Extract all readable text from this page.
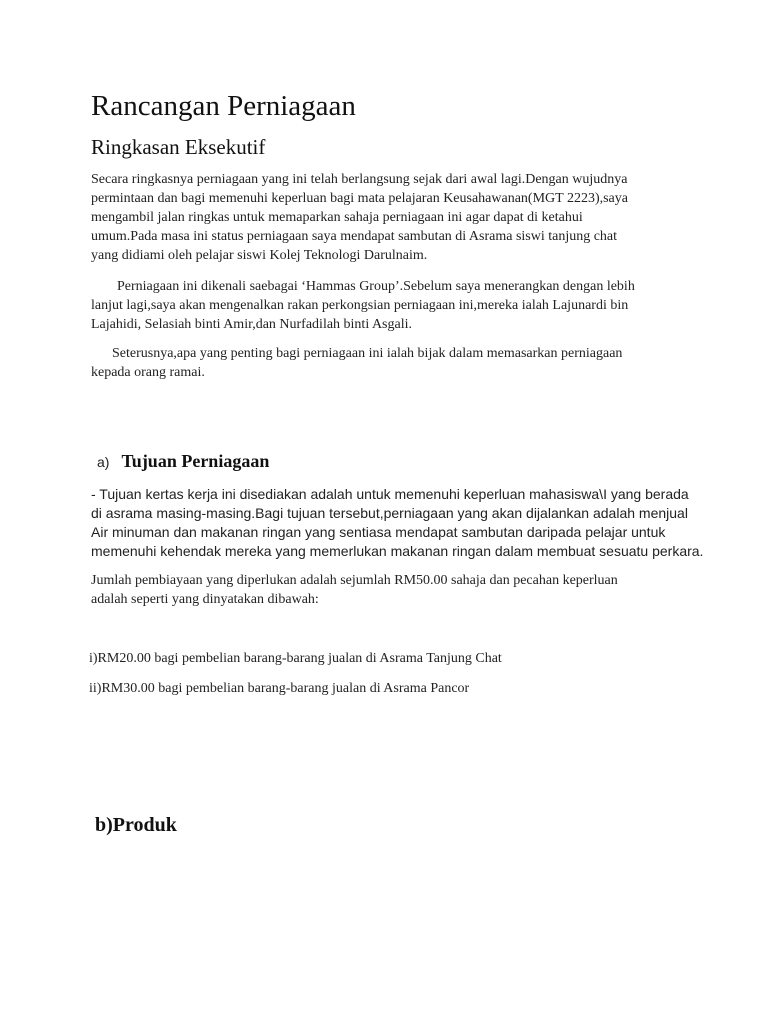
Rancangan Perniagaan
Ringkasan Eksekutif
Secara ringkasnya perniagaan yang ini telah berlangsung sejak dari awal lagi.Dengan wujudnya
permintaan dan bagi memenuhi keperluan bagi mata pelajaran Keusahawanan(MGT 2223),saya
mengambil jalan ringkas untuk memaparkan sahaja perniagaan ini agar dapat di ketahui
umum.Pada masa ini status perniagaan saya mendapat sambutan di Asrama siswi tanjung chat
yang didiami oleh pelajar siswi Kolej Teknologi Darulnaim.
Perniagaan ini dikenali saebagai ‘Hammas Group’.Sebelum saya menerangkan dengan lebih
lanjut lagi,saya akan mengenalkan rakan perkongsian perniagaan ini,mereka ialah Lajunardi bin
Lajahidi, Selasiah binti Amir,dan Nurfadilah binti Asgali.
Seterusnya,apa yang penting bagi perniagaan ini ialah bijak dalam memasarkan perniagaan
kepada orang ramai.
a) Tujuan Perniagaan
- Tujuan kertas kerja ini disediakan adalah untuk memenuhi keperluan mahasiswa\I yang berada
di asrama masing-masing.Bagi tujuan tersebut,perniagaan yang akan dijalankan adalah menjual
Air minuman dan makanan ringan yang sentiasa mendapat sambutan daripada pelajar untuk
memenuhi kehendak mereka yang memerlukan makanan ringan dalam membuat sesuatu perkara.
Jumlah pembiayaan yang diperlukan adalah sejumlah RM50.00 sahaja dan pecahan keperluan
adalah seperti yang dinyatakan dibawah:
i)RM20.00 bagi pembelian barang-barang jualan di Asrama Tanjung Chat
ii)RM30.00 bagi pembelian barang-barang jualan di Asrama Pancor
b)Produk
